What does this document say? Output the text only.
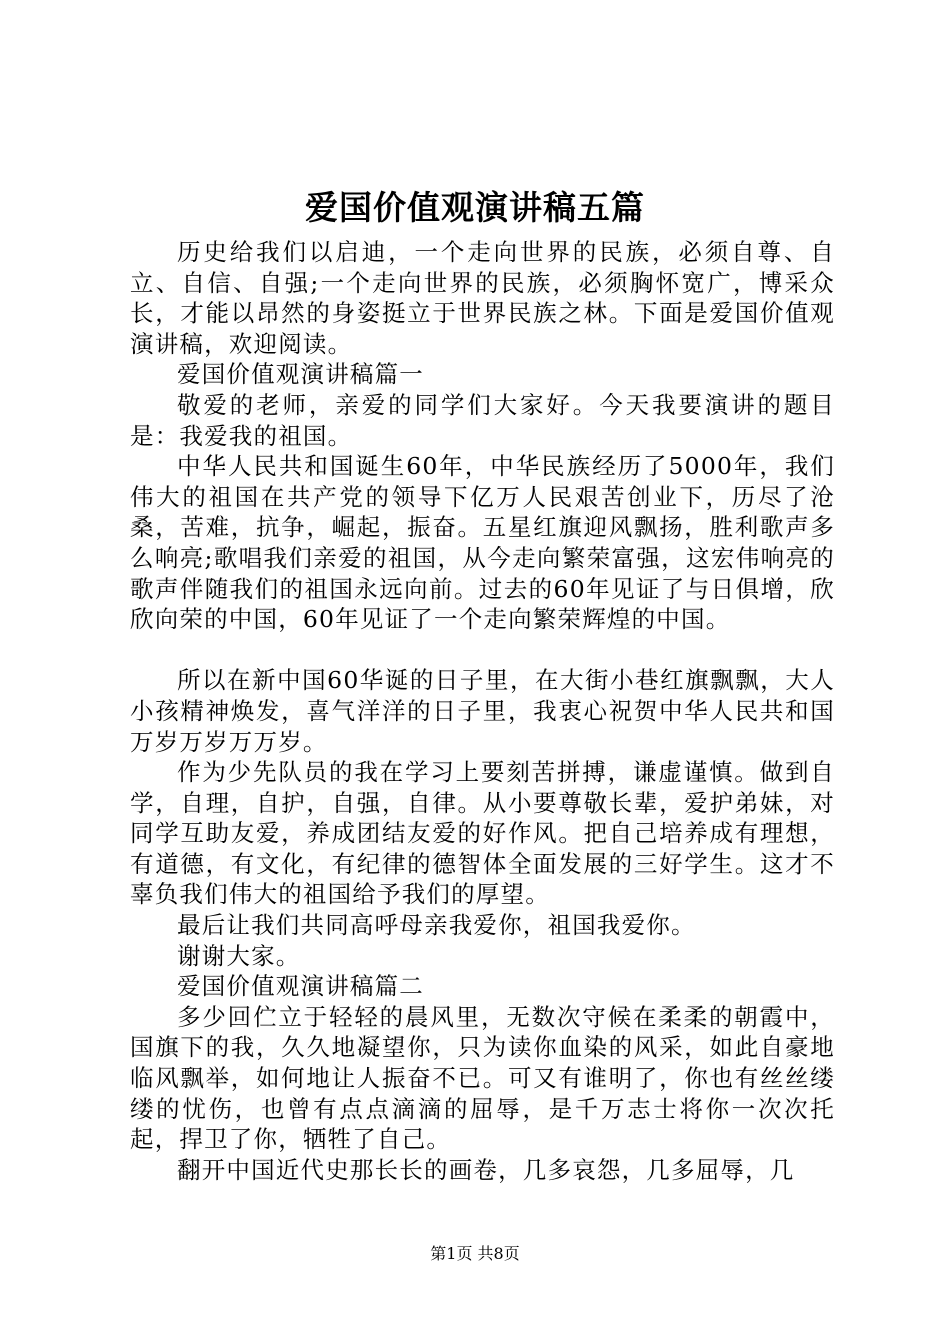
爱国价值观演讲稿五篇

历史给我们以启迪，一个走向世界的民族，必须自尊、自立、自信、自强;一个走向世界的民族，必须胸怀宽广，博采众长，才能以昂然的身姿挺立于世界民族之林。下面是爱国价值观演讲稿，欢迎阅读。

爱国价值观演讲稿篇一

敬爱的老师，亲爱的同学们大家好。今天我要演讲的题目是：我爱我的祖国。

中华人民共和国诞生60年，中华民族经历了5000年，我们伟大的祖国在共产党的领导下亿万人民艰苦创业下，历尽了沧桑，苦难，抗争，崛起，振奋。五星红旗迎风飘扬，胜利歌声多么响亮;歌唱我们亲爱的祖国，从今走向繁荣富强，这宏伟响亮的歌声伴随我们的祖国永远向前。过去的60年见证了与日俱增，欣欣向荣的中国，60年见证了一个走向繁荣辉煌的中国。

所以在新中国60华诞的日子里，在大街小巷红旗飘飘，大人小孩精神焕发，喜气洋洋的日子里，我衷心祝贺中华人民共和国万岁万岁万万岁。

作为少先队员的我在学习上要刻苦拼搏，谦虚谨慎。做到自学，自理，自护，自强，自律。从小要尊敬长辈，爱护弟妹，对同学互助友爱，养成团结友爱的好作风。把自己培养成有理想，有道德，有文化，有纪律的德智体全面发展的三好学生。这才不辜负我们伟大的祖国给予我们的厚望。

最后让我们共同高呼母亲我爱你，祖国我爱你。

谢谢大家。

爱国价值观演讲稿篇二

多少回伫立于轻轻的晨风里，无数次守候在柔柔的朝霞中，国旗下的我，久久地凝望你，只为读你血染的风采，如此自豪地临风飘举，如何地让人振奋不已。可又有谁明了，你也有丝丝缕缕的忧伤，也曾有点点滴滴的屈辱，是千万志士将你一次次托起，捍卫了你，牺牲了自己。

翻开中国近代史那长长的画卷，几多哀怨，几多屈辱，几

第1页 共8页
